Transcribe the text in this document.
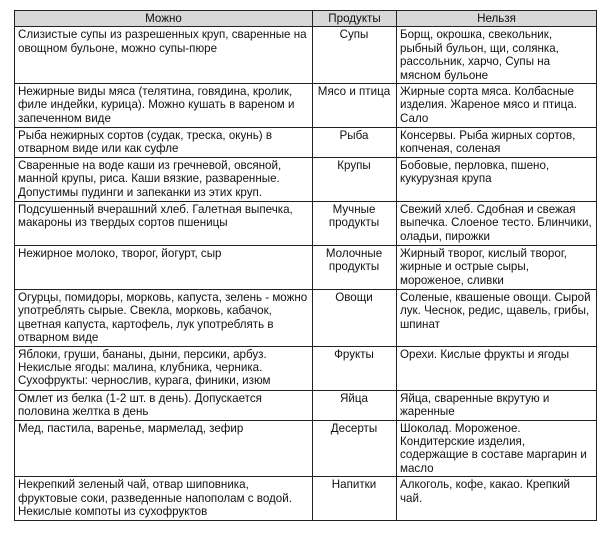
Можно	Продукты	Нельзя
Слизистые супы из разрешенных круп, сваренные на овощном бульоне, можно супы-пюре	Супы	Борщ, окрошка, свекольник, рыбный бульон, щи, солянка, рассольник, харчо, Супы на мясном бульоне
Нежирные виды мяса (телятина, говядина, кролик, филе индейки, курица). Можно кушать в вареном и запеченном виде	Мясо и птица	Жирные сорта мяса. Колбасные изделия. Жареное мясо и птица. Сало
Рыба нежирных сортов (судак, треска, окунь) в отварном виде или как суфле	Рыба	Консервы. Рыба жирных сортов, копченая, соленая
Сваренные на воде каши из гречневой, овсяной, манной крупы, риса. Каши вязкие, разваренные. Допустимы пудинги и запеканки из этих круп.	Крупы	Бобовые, перловка, пшено, кукурузная крупа
Подсушенный вчерашний хлеб. Галетная выпечка, макароны из твердых сортов пшеницы	Мучные продукты	Свежий хлеб. Сдобная и свежая выпечка. Слоеное тесто. Блинчики, оладьи, пирожки
Нежирное молоко, творог, йогурт, сыр	Молочные продукты	Жирный творог, кислый творог, жирные и острые сыры, мороженое, сливки
Огурцы, помидоры, морковь, капуста, зелень - можно употреблять сырые. Свекла, морковь, кабачок, цветная капуста, картофель, лук употреблять в отварном виде	Овощи	Соленые, квашеные овощи. Сырой лук. Чеснок, редис, щавель, грибы, шпинат
Яблоки, груши, бананы, дыни, персики, арбуз. Некислые ягоды: малина, клубника, черника. Сухофрукты: чернослив, курага, финики, изюм	Фрукты	Орехи. Кислые фрукты и ягоды
Омлет из белка (1-2 шт. в день). Допускается половина желтка в день	Яйца	Яйца, сваренные вкрутую и жаренные
Мед, пастила, варенье, мармелад, зефир	Десерты	Шоколад. Мороженое. Кондитерские изделия, содержащие в составе маргарин и масло
Некрепкий зеленый чай, отвар шиповника, фруктовые соки, разведенные напополам с водой. Некислые компоты из сухофруктов	Напитки	Алкоголь, кофе, какао. Крепкий чай.
